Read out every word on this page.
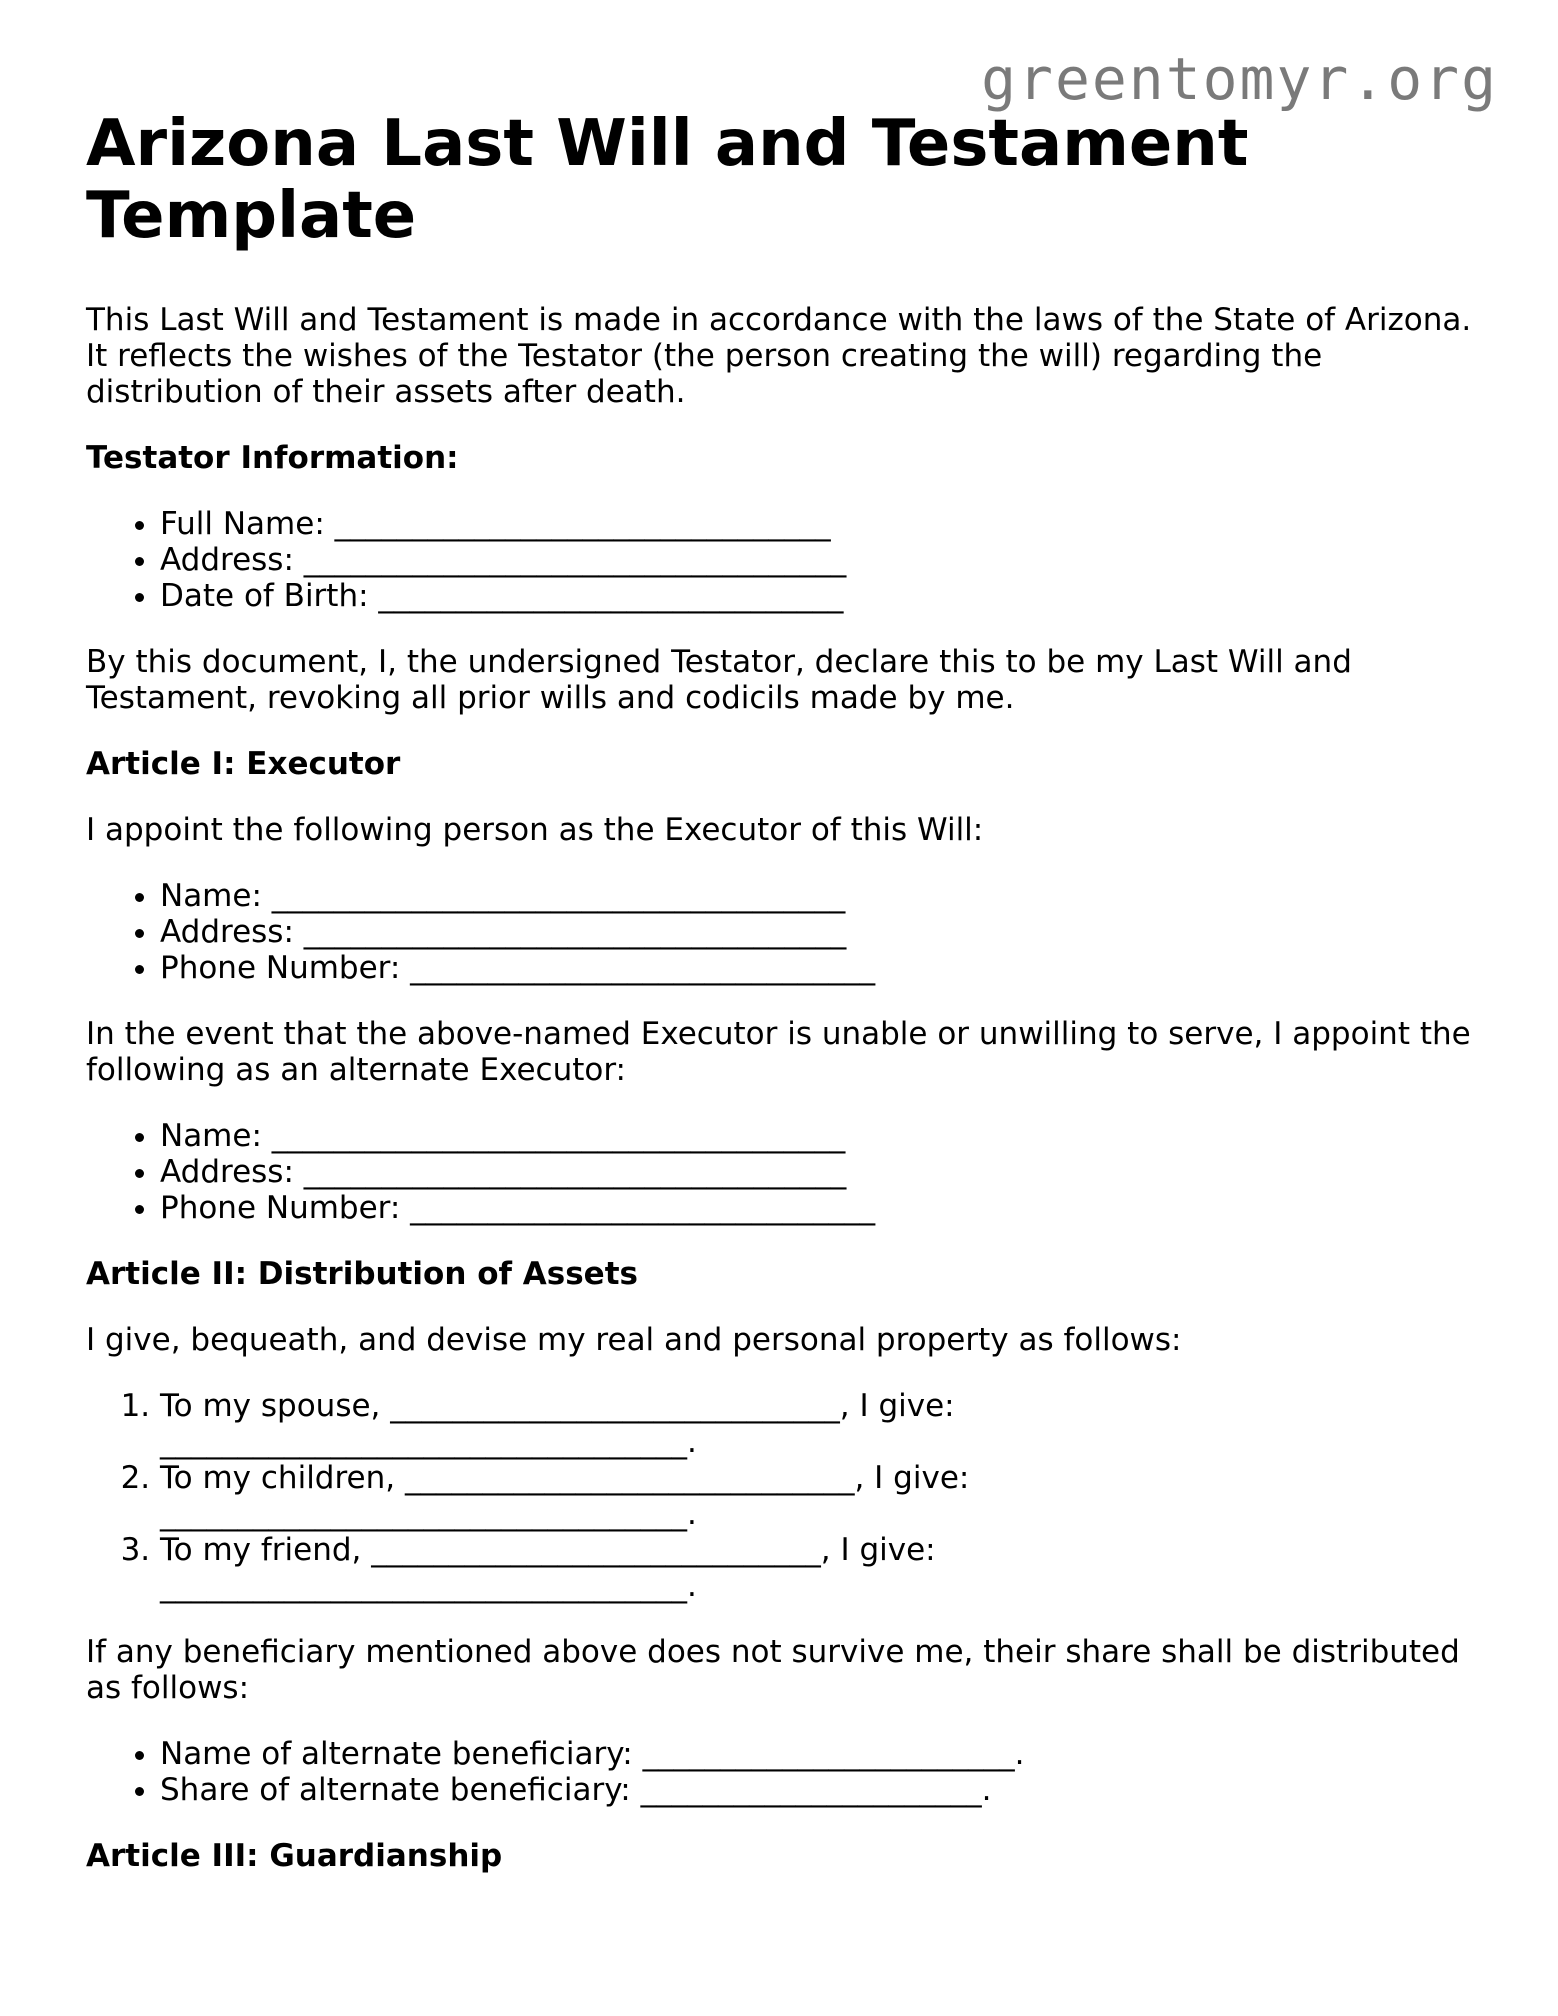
greentomyr.org
Arizona Last Will and Testament Template

This Last Will and Testament is made in accordance with the laws of the State of Arizona. It reflects the wishes of the Testator (the person creating the will) regarding the distribution of their assets after death.

Testator Information:
• Full Name: ________________________________
• Address: ___________________________________
• Date of Birth: ______________________________

By this document, I, the undersigned Testator, declare this to be my Last Will and Testament, revoking all prior wills and codicils made by me.

Article I: Executor

I appoint the following person as the Executor of this Will:

• Name: _____________________________________
• Address: ___________________________________
• Phone Number: ______________________________

In the event that the above-named Executor is unable or unwilling to serve, I appoint the following as an alternate Executor:

• Name: _____________________________________
• Address: ___________________________________
• Phone Number: ______________________________
Article II: Distribution of Assets

I give, bequeath, and devise my real and personal property as follows:

1. To my spouse, _____________________________, I give:
__________________________________.
2. To my children, _____________________________, I give:
__________________________________.
3. To my friend, _____________________________, I give:
__________________________________.

If any beneficiary mentioned above does not survive me, their share shall be distributed as follows:

• Name of alternate beneficiary: ________________________.
• Share of alternate beneficiary: ______________________.
Article III: Guardianship
